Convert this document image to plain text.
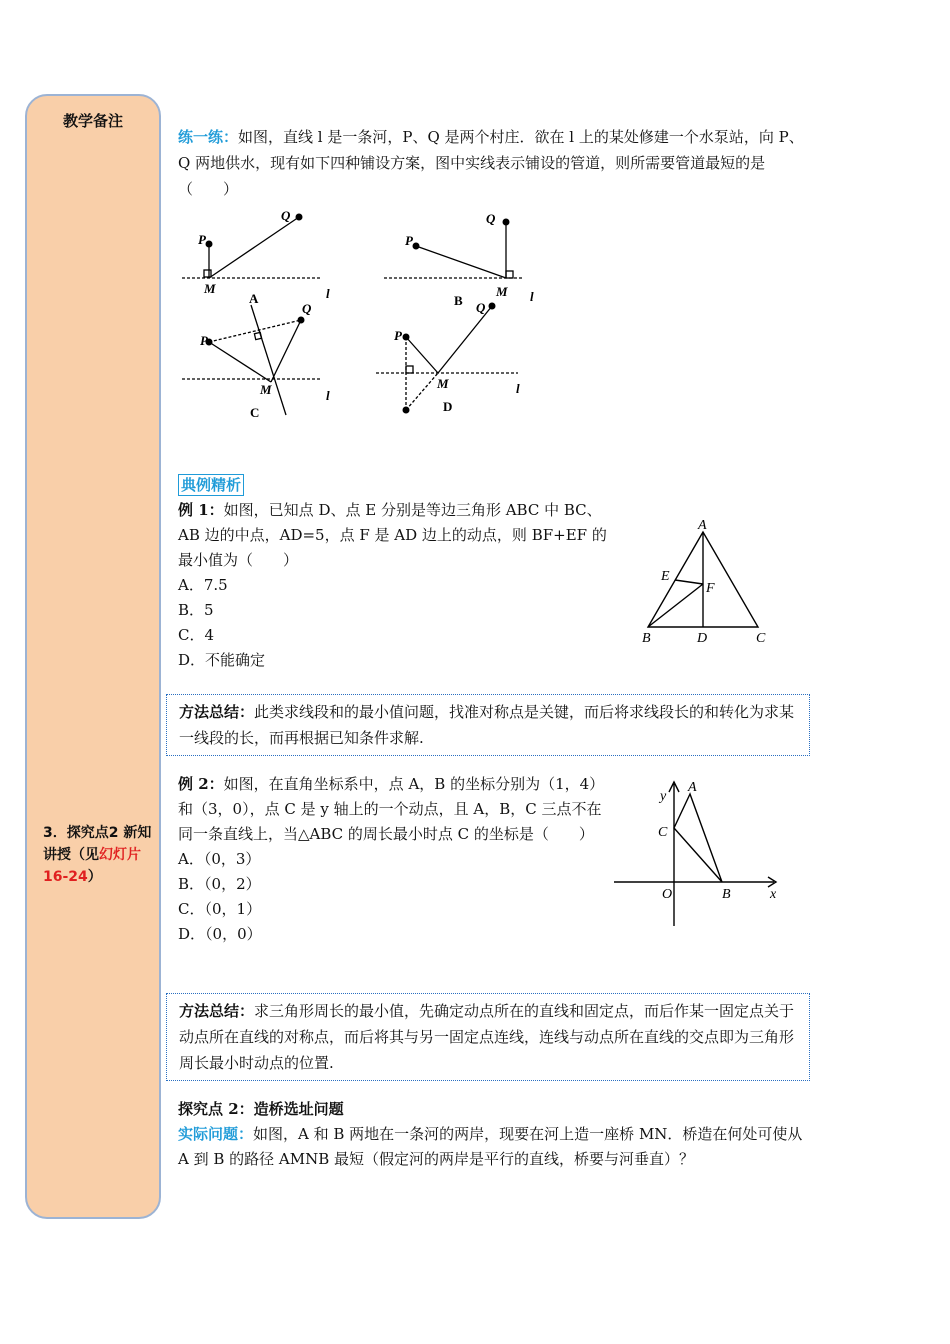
教学备注
3．探究点2 新知讲授（见幻灯片16-24）
练一练：如图，直线 l 是一条河，P、Q 是两个村庄．欲在 l 上的某处修建一个水泵站，向 P、Q 两地供水，现有如下四种铺设方案，图中实线表示铺设的管道，则所需要管道最短的是（　　）
P
Q
M	l
P
Q
M l
P
Q
M	l
P
Q
M	l
A	B
C	D
典例精析
例 1：如图，已知点 D、点 E 分别是等边三角形 ABC 中 BC、AB 边的中点，AD=5，点 F 是 AD 边上的动点，则 BF+EF 的最小值为（　　）
A．7.5
B．5
C．4
D．不能确定
A
B	C
D
E
F
方法总结：此类求线段和的最小值问题，找准对称点是关键，而后将求线段长的和转化为求某一线段的长，而再根据已知条件求解.
例 2：如图，在直角坐标系中，点 A，B 的坐标分别为（1，4）和（3，0），点 C 是 y 轴上的一个动点，且 A，B，C 三点不在同一条直线上，当△ABC 的周长最小时点 C 的坐标是（　　）
A．（0，3）
B．（0，2）
C．（0，1）
D．（0，0）
y
A
C
O	B	x
方法总结：求三角形周长的最小值，先确定动点所在的直线和固定点，而后作某一固定点关于动点所在直线的对称点，而后将其与另一固定点连线，连线与动点所在直线的交点即为三角形周长最小时动点的位置.
探究点 2：造桥选址问题
实际问题：如图，A 和 B 两地在一条河的两岸，现要在河上造一座桥 MN．桥造在何处可使从 A 到 B 的路径 AMNB 最短（假定河的两岸是平行的直线，桥要与河垂直）？
